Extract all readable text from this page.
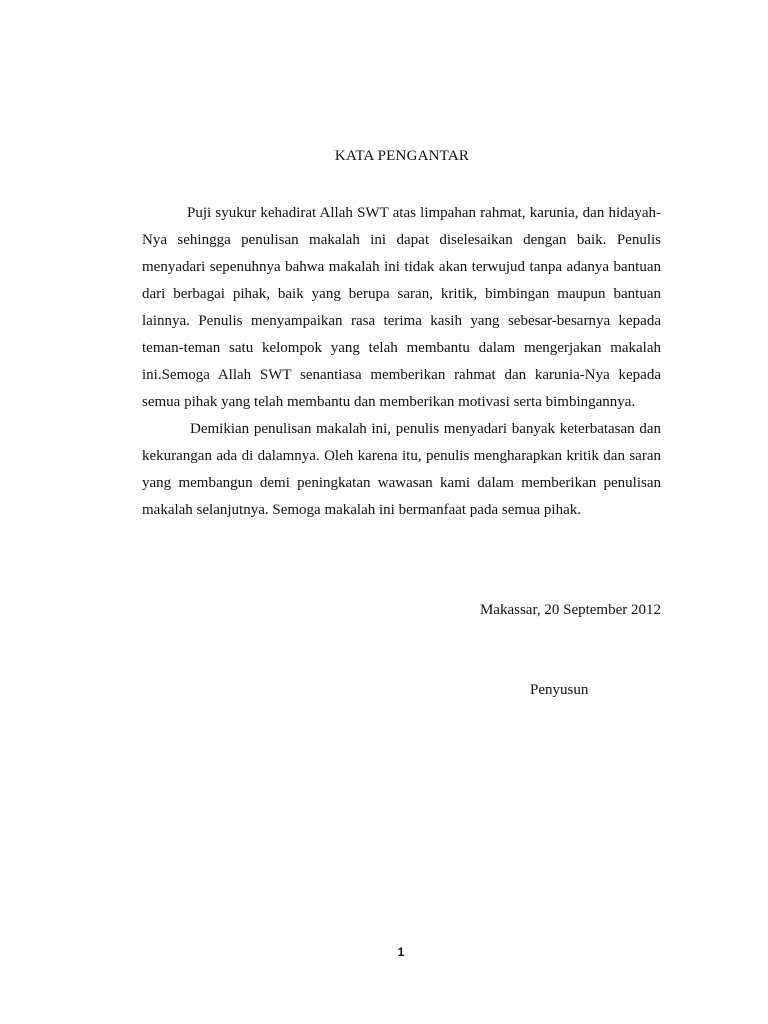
KATA PENGANTAR

Puji syukur kehadirat Allah SWT atas limpahan rahmat, karunia, dan hidayah-Nya sehingga penulisan makalah ini dapat diselesaikan dengan baik. Penulis menyadari sepenuhnya bahwa makalah ini tidak akan terwujud tanpa adanya bantuan dari berbagai pihak, baik yang berupa saran, kritik, bimbingan maupun bantuan lainnya. Penulis menyampaikan rasa terima kasih yang sebesar-besarnya kepada teman-teman satu kelompok yang telah membantu dalam mengerjakan makalah ini.Semoga Allah SWT senantiasa memberikan rahmat dan karunia-Nya kepada semua pihak yang telah membantu dan memberikan motivasi serta bimbingannya.

Demikian penulisan makalah ini, penulis menyadari banyak keterbatasan dan kekurangan ada di dalamnya. Oleh karena itu, penulis mengharapkan kritik dan saran yang membangun demi peningkatan wawasan kami dalam memberikan penulisan makalah selanjutnya. Semoga makalah ini bermanfaat pada semua pihak.

Makassar, 20 September 2012
Penyusun
1
